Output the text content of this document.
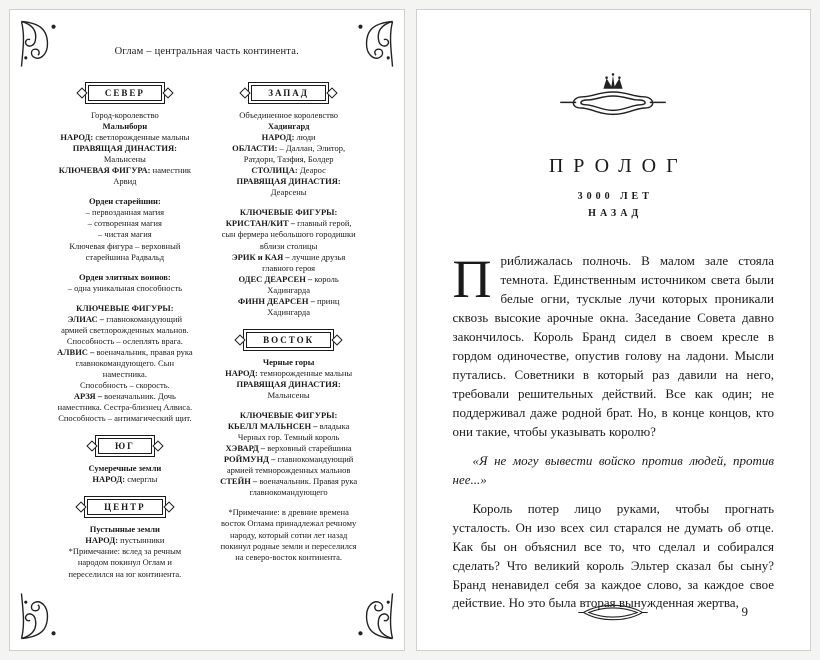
Оглам – центральная часть континента.
СЕВЕР

Город-королевство
Мальнборн
НАРОД: светлорожденные мальны
ПРАВЯЩАЯ ДИНАСТИЯ: Мальнсены
КЛЮЧЕВАЯ ФИГУРА: наместник Арвид

Орден старейшин:
– первозданная магия
– сотворенная магия
– чистая магия
Ключевая фигура – верховный
старейшина Радвальд

Орден элитных воинов:
– одна уникальная способность

КЛЮЧЕВЫЕ ФИГУРЫ:
ЭЛИАС – главнокомандующий армией светлорожденных мальнов.
Способность – ослеплять врага.
АЛВИС – военачальник, правая рука главнокомандующего. Сын наместника.
Способность – скорость.
АРЗЯ – военачальник. Дочь наместника. Сестра-близнец Алвиса.
Способность – антимагический щит.

ЮГ

Сумеречные земли
НАРОД: смерглы

ЦЕНТР

Пустынные земли
НАРОД: пустынники
*Примечание: вслед за речным народом покинул Оглам и переселился на юг континента.

ЗАПАД

Объединенное королевство
Хадингард
НАРОД: люди
ОБЛАСТИ: – Даллан, Элитор, Ратдорн, Таэфия, Болдер
СТОЛИЦА: Деарос
ПРАВЯЩАЯ ДИНАСТИЯ: Деарсены

КЛЮЧЕВЫЕ ФИГУРЫ:
КРИСТАН/КИТ – главный герой, сын фермера небольшого городишки вблизи столицы
ЭРИК и КАЯ – лучшие друзья главного героя
ОДЕС ДЕАРСЕН – король Хадингарда
ФИНН ДЕАРСЕН – принц Хадингарда

ВОСТОК

Черные горы
НАРОД: темнорожденные мальны
ПРАВЯЩАЯ ДИНАСТИЯ: Мальнсены

КЛЮЧЕВЫЕ ФИГУРЫ:
КЬЕЛЛ МАЛЬНСЕН – владыка Черных гор. Темный король
ХЭВАРД – верховный старейшина
РОЙМУНД – главнокомандующий армией темнорожденных мальнов
СТЕЙН – военачальник. Правая рука главнокомандующего

*Примечание: в древние времена восток Оглама принадлежал речному народу, который сотни лет назад покинул родные земли и переселился на северо-восток континента.

ПРОЛОГ
3000 ЛЕТ
НАЗАД

Приближалась полночь. В малом зале стояла темнота. Единственным источником света были белые огни, тусклые лучи которых проникали сквозь высокие арочные окна. Заседание Совета давно закончилось. Король Бранд сидел в своем кресле в гордом одиночестве, опустив голову на ладони. Мысли путались. Советники в который раз давили на него, требовали решительных действий. Все как один; не поддерживал даже родной брат. Но, в конце концов, кто они такие, чтобы указывать королю?

«Я не могу вывести войско против людей, против нее...»

Король потер лицо руками, чтобы прогнать усталость. Он изо всех сил старался не думать об отце. Как бы он объяснил все то, что сделал и собирался сделать? Что великий король Эльтер сказал бы сыну? Бранд ненавидел себя за каждое слово, за каждое свое действие. Но это была вторая вынужденная жертва,

9
